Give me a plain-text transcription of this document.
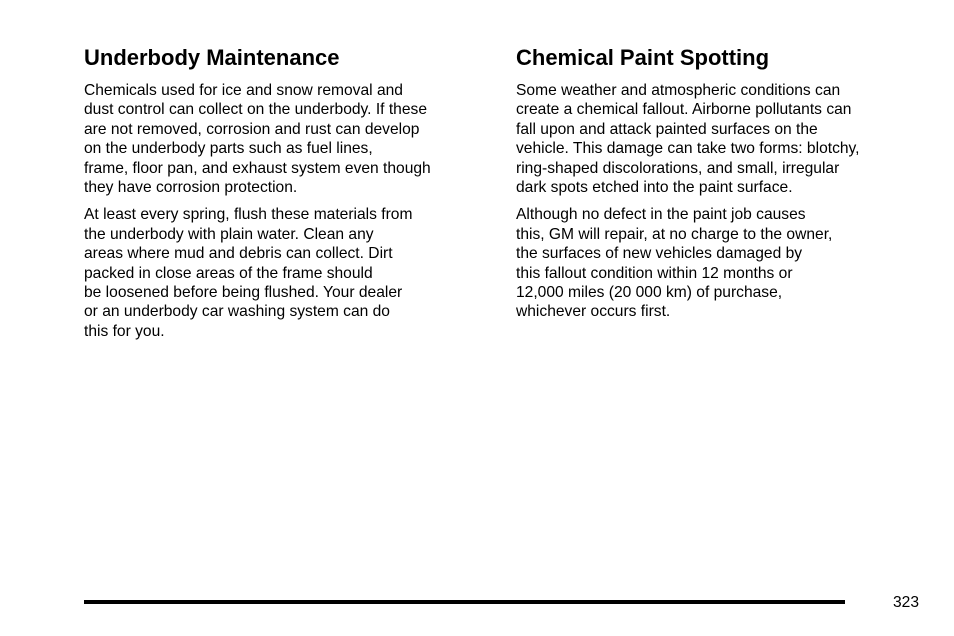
Underbody Maintenance
Chemicals used for ice and snow removal and
dust control can collect on the underbody. If these
are not removed, corrosion and rust can develop
on the underbody parts such as fuel lines,
frame, floor pan, and exhaust system even though
they have corrosion protection.
At least every spring, flush these materials from
the underbody with plain water. Clean any
areas where mud and debris can collect. Dirt
packed in close areas of the frame should
be loosened before being flushed. Your dealer
or an underbody car washing system can do
this for you.
Chemical Paint Spotting
Some weather and atmospheric conditions can
create a chemical fallout. Airborne pollutants can
fall upon and attack painted surfaces on the
vehicle. This damage can take two forms: blotchy,
ring-shaped discolorations, and small, irregular
dark spots etched into the paint surface.
Although no defect in the paint job causes
this, GM will repair, at no charge to the owner,
the surfaces of new vehicles damaged by
this fallout condition within 12 months or
12,000 miles (20 000 km) of purchase,
whichever occurs first.
323
